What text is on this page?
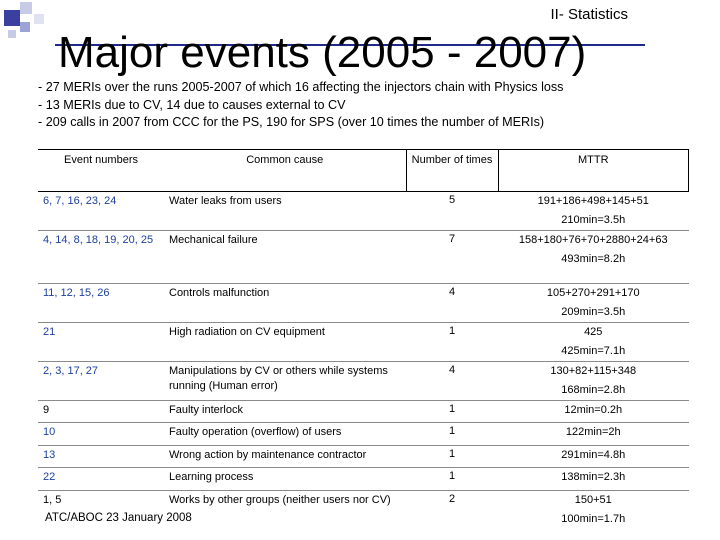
II- Statistics
Major events (2005 - 2007)
- 27 MERIs over the runs 2005-2007 of which 16 affecting the injectors chain with Physics loss
- 13 MERIs due to CV, 14 due to causes external to CV
- 209 calls in 2007 from CCC for the PS, 190 for SPS (over 10 times the number of MERIs)
Event numbers	Common cause	Number of times	MTTR

6, 7, 16, 23, 24	Water leaks from users	5	191+186+498+145+51
210min=3.5h

4, 14, 8, 18, 19, 20, 25	Mechanical failure	7	158+180+76+70+2880+24+63
493min=8.2h

11, 12, 15, 26	Controls malfunction	4	105+270+291+170
209min=3.5h

21	High radiation on CV equipment	1	425
425min=7.1h

2, 3, 17, 27	Manipulations by CV or others while systems running (Human error)	4	130+82+115+348
168min=2.8h

9	Faulty interlock	1	12min=0.2h

10	Faulty operation (overflow) of users	1	122min=2h

13	Wrong action by maintenance contractor	1	291min=4.8h

22	Learning process	1	138min=2.3h

1, 5	Works by other groups (neither users nor CV)	2	150+51
100min=1.7h
ATC/ABOC 23 January 2008
